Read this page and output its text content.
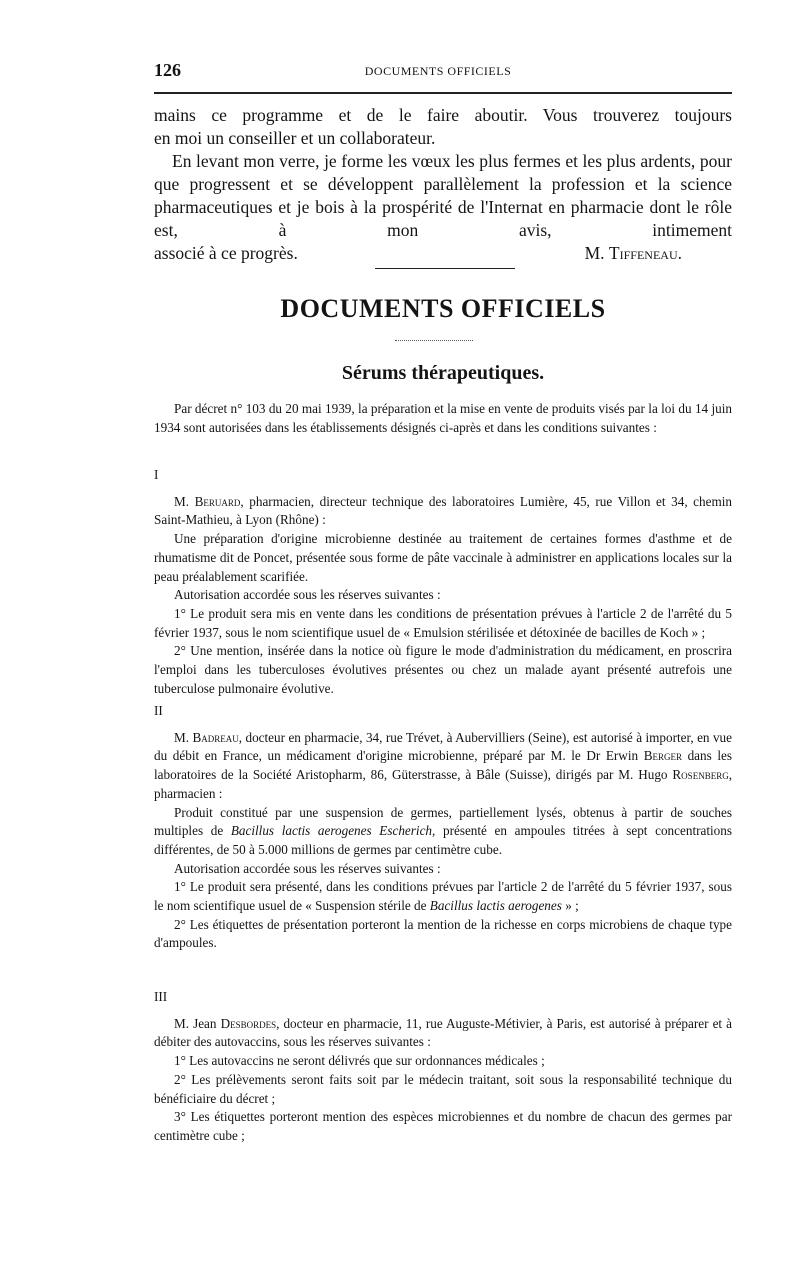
126	DOCUMENTS OFFICIELS

mains ce programme et de le faire aboutir. Vous trouverez toujours

en moi un conseiller et un collaborateur.

En levant mon verre, je forme les vœux les plus fermes et les plus ardents, pour que progressent et se développent parallèlement la profession et la science pharmaceutiques et je bois à la prospérité de l'Internat en pharmacie dont le rôle est, à mon avis, intimement

associé à ce progrès.	M. Tiffeneau.
DOCUMENTS OFFICIELS
Sérums thérapeutiques.

Par décret n° 103 du 20 mai 1939, la préparation et la mise en vente de produits visés par la loi du 14 juin 1934 sont autorisées dans les établissements désignés ci-après et dans les conditions suivantes :

I

M. Beruard, pharmacien, directeur technique des laboratoires Lumière, 45, rue Villon et 34, chemin Saint-Mathieu, à Lyon (Rhône) :

Une préparation d'origine microbienne destinée au traitement de certaines formes d'asthme et de rhumatisme dit de Poncet, présentée sous forme de pâte vaccinale à administrer en applications locales sur la peau préalablement scarifiée.

Autorisation accordée sous les réserves suivantes :

1° Le produit sera mis en vente dans les conditions de présentation prévues à l'article 2 de l'arrêté du 5 février 1937, sous le nom scientifique usuel de « Emulsion stérilisée et détoxinée de bacilles de Koch » ;

2° Une mention, insérée dans la notice où figure le mode d'administration du médicament, en proscrira l'emploi dans les tuberculoses évolutives présentes ou chez un malade ayant présenté autrefois une tuberculose pulmonaire évolutive.

II

M. Badreau, docteur en pharmacie, 34, rue Trévet, à Aubervilliers (Seine), est autorisé à importer, en vue du débit en France, un médicament d'origine microbienne, préparé par M. le Dr Erwin Berger dans les laboratoires de la Société Aristopharm, 86, Güterstrasse, à Bâle (Suisse), dirigés par M. Hugo Rosenberg, pharmacien :

Produit constitué par une suspension de germes, partiellement lysés, obtenus à partir de souches multiples de Bacillus lactis aerogenes Escherich, présenté en ampoules titrées à sept concentrations différentes, de 50 à 5.000 millions de germes par centimètre cube.

Autorisation accordée sous les réserves suivantes :

1° Le produit sera présenté, dans les conditions prévues par l'article 2 de l'arrêté du 5 février 1937, sous le nom scientifique usuel de « Suspension stérile de Bacillus lactis aerogenes » ;

2° Les étiquettes de présentation porteront la mention de la richesse en corps microbiens de chaque type d'ampoules.

III

M. Jean Desbordes, docteur en pharmacie, 11, rue Auguste-Métivier, à Paris, est autorisé à préparer et à débiter des autovaccins, sous les réserves suivantes :

1° Les autovaccins ne seront délivrés que sur ordonnances médicales ;

2° Les prélèvements seront faits soit par le médecin traitant, soit sous la responsabilité technique du bénéficiaire du décret ;

3° Les étiquettes porteront mention des espèces microbiennes et du nombre de chacun des germes par centimètre cube ;
